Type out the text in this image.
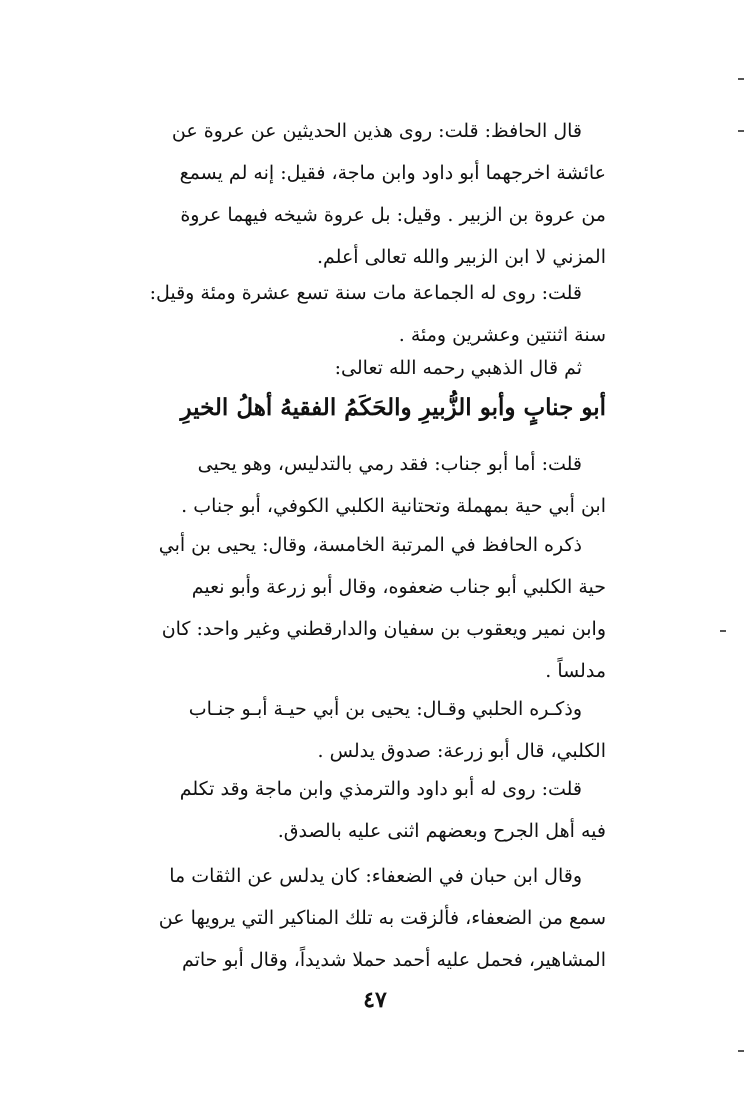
قال الحافظ: قلت: روى هذين الحديثين عن عروة عن
عائشة اخرجهما أبو داود وابن ماجة، فقيل: إنه لم يسمع
من عروة بن الزبير . وقيل: بل عروة شيخه فيهما عروة
المزني لا ابن الزبير والله تعالى أعلم.
قلت: روى له الجماعة مات سنة تسع عشرة ومئة وقيل:
سنة اثنتين وعشرين ومئة .
ثم قال الذهبي رحمه الله تعالى:
أبو جنابٍ وأبو الزُّبيرِ والحَكَمُ الفقيهُ أهلُ الخيرِ
قلت: أما أبو جناب: فقد رمي بالتدليس، وهو يحيى
ابن أبي حية بمهملة وتحتانية الكلبي الكوفي، أبو جناب .
ذكره الحافظ في المرتبة الخامسة، وقال: يحيى بن أبي
حية الكلبي أبو جناب ضعفوه، وقال أبو زرعة وأبو نعيم
وابن نمير ويعقوب بن سفيان والدارقطني وغير واحد: كان
مدلساً .
وذكـره الحلبي وقـال: يحيى بن أبي حيـة أبـو جنـاب
الكلبي، قال أبو زرعة: صدوق يدلس .
قلت: روى له أبو داود والترمذي وابن ماجة وقد تكلم
فيه أهل الجرح وبعضهم اثنى عليه بالصدق.
وقال ابن حبان في الضعفاء: كان يدلس عن الثقات ما
سمع من الضعفاء، فألزقت به تلك المناكير التي يرويها عن
المشاهير، فحمل عليه أحمد حملا شديداً، وقال أبو حاتم
٤٧
